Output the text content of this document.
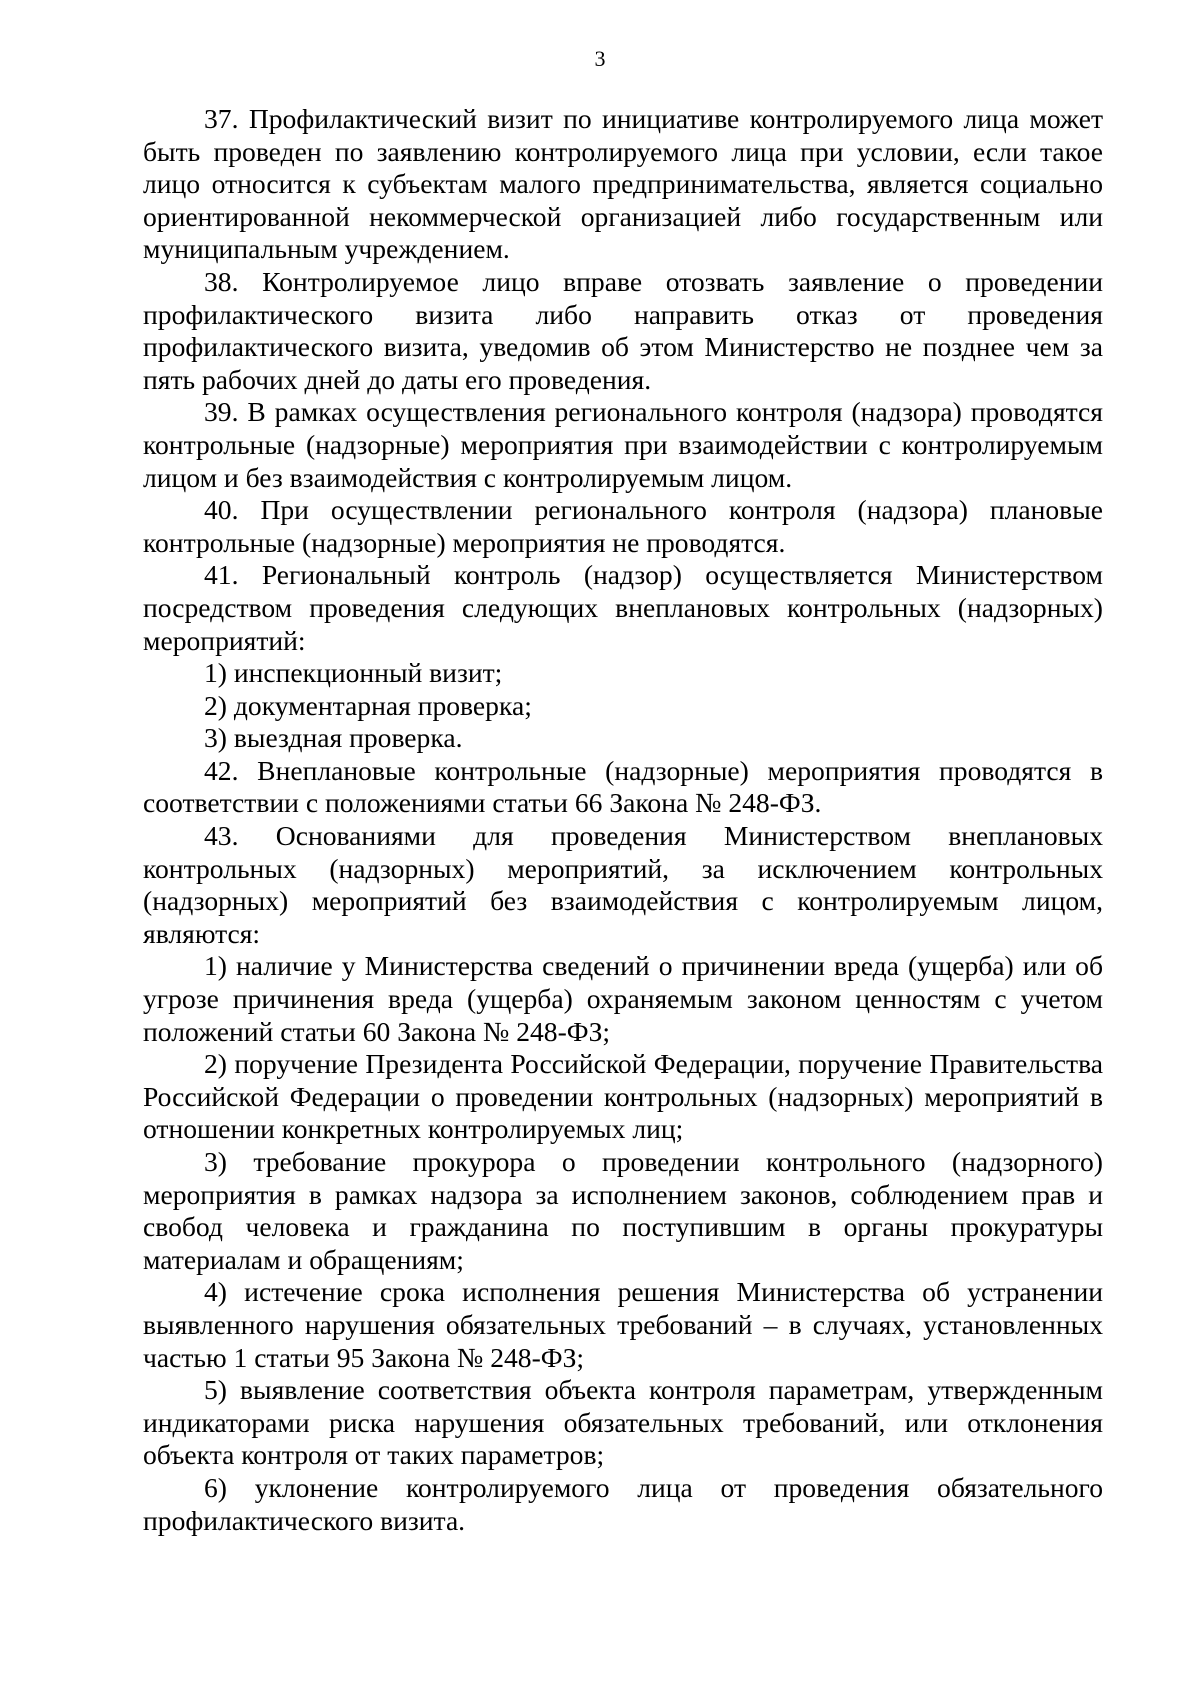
3

37. Профилактический визит по инициативе контролируемого лица может быть проведен по заявлению контролируемого лица при условии, если такое лицо относится к субъектам малого предпринимательства, является социально ориентированной некоммерческой организацией либо государственным или муниципальным учреждением.

38. Контролируемое лицо вправе отозвать заявление о проведении профилактического визита либо направить отказ от проведения профилактического визита, уведомив об этом Министерство не позднее чем за пять рабочих дней до даты его проведения.

39. В рамках осуществления регионального контроля (надзора) проводятся контрольные (надзорные) мероприятия при взаимодействии с контролируемым лицом и без взаимодействия с контролируемым лицом.

40. При осуществлении регионального контроля (надзора) плановые контрольные (надзорные) мероприятия не проводятся.

41. Региональный контроль (надзор) осуществляется Министерством посредством проведения следующих внеплановых контрольных (надзорных) мероприятий:

1) инспекционный визит;

2) документарная проверка;

3) выездная проверка.

42. Внеплановые контрольные (надзорные) мероприятия проводятся в соответствии с положениями статьи 66 Закона № 248-ФЗ.

43. Основаниями для проведения Министерством внеплановых контрольных (надзорных) мероприятий, за исключением контрольных (надзорных) мероприятий без взаимодействия с контролируемым лицом, являются:

1) наличие у Министерства сведений о причинении вреда (ущерба) или об угрозе причинения вреда (ущерба) охраняемым законом ценностям с учетом положений статьи 60 Закона № 248-ФЗ;

2) поручение Президента Российской Федерации, поручение Правительства Российской Федерации о проведении контрольных (надзорных) мероприятий в отношении конкретных контролируемых лиц;

3) требование прокурора о проведении контрольного (надзорного) мероприятия в рамках надзора за исполнением законов, соблюдением прав и свобод человека и гражданина по поступившим в органы прокуратуры материалам и обращениям;

4) истечение срока исполнения решения Министерства об устранении выявленного нарушения обязательных требований – в случаях, установленных частью 1 статьи 95 Закона № 248-ФЗ;

5) выявление соответствия объекта контроля параметрам, утвержденным индикаторами риска нарушения обязательных требований, или отклонения объекта контроля от таких параметров;

6) уклонение контролируемого лица от проведения обязательного профилактического визита.
